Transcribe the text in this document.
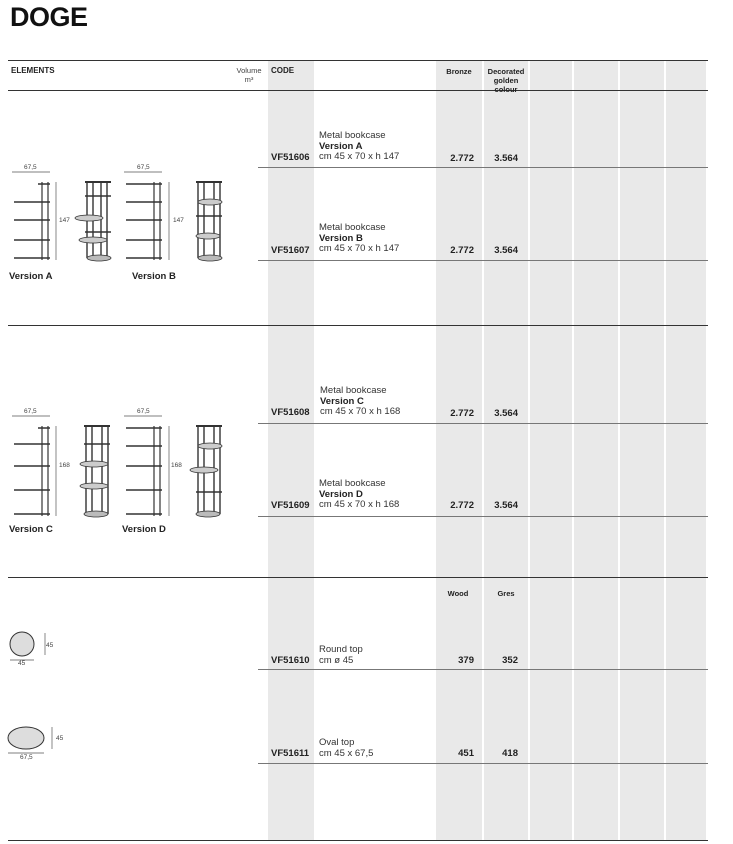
DOGE
ELEMENTS	Volume
m³
CODE	Bronze	Decorated golden colour
Wood	Gres
VF51606
Metal bookcase
Version A
cm 45 x 70 x h 147	2.772	3.564
VF51607
Metal bookcase
Version B
cm 45 x 70 x h 147	2.772	3.564
VF51608
Metal bookcase
Version C
cm 45 x 70 x h 168	2.772	3.564
VF51609
Metal bookcase
Version D
cm 45 x 70 x h 168	2.772	3.564
VF51610
Round top
cm ø 45	379	352
VF51611
Oval top
cm 45 x 67,5	451	418
67,5
147
Version A
67,5
147
Version B
67,5
168
Version C
67,5
168
Version D
45
45
45
67,5
